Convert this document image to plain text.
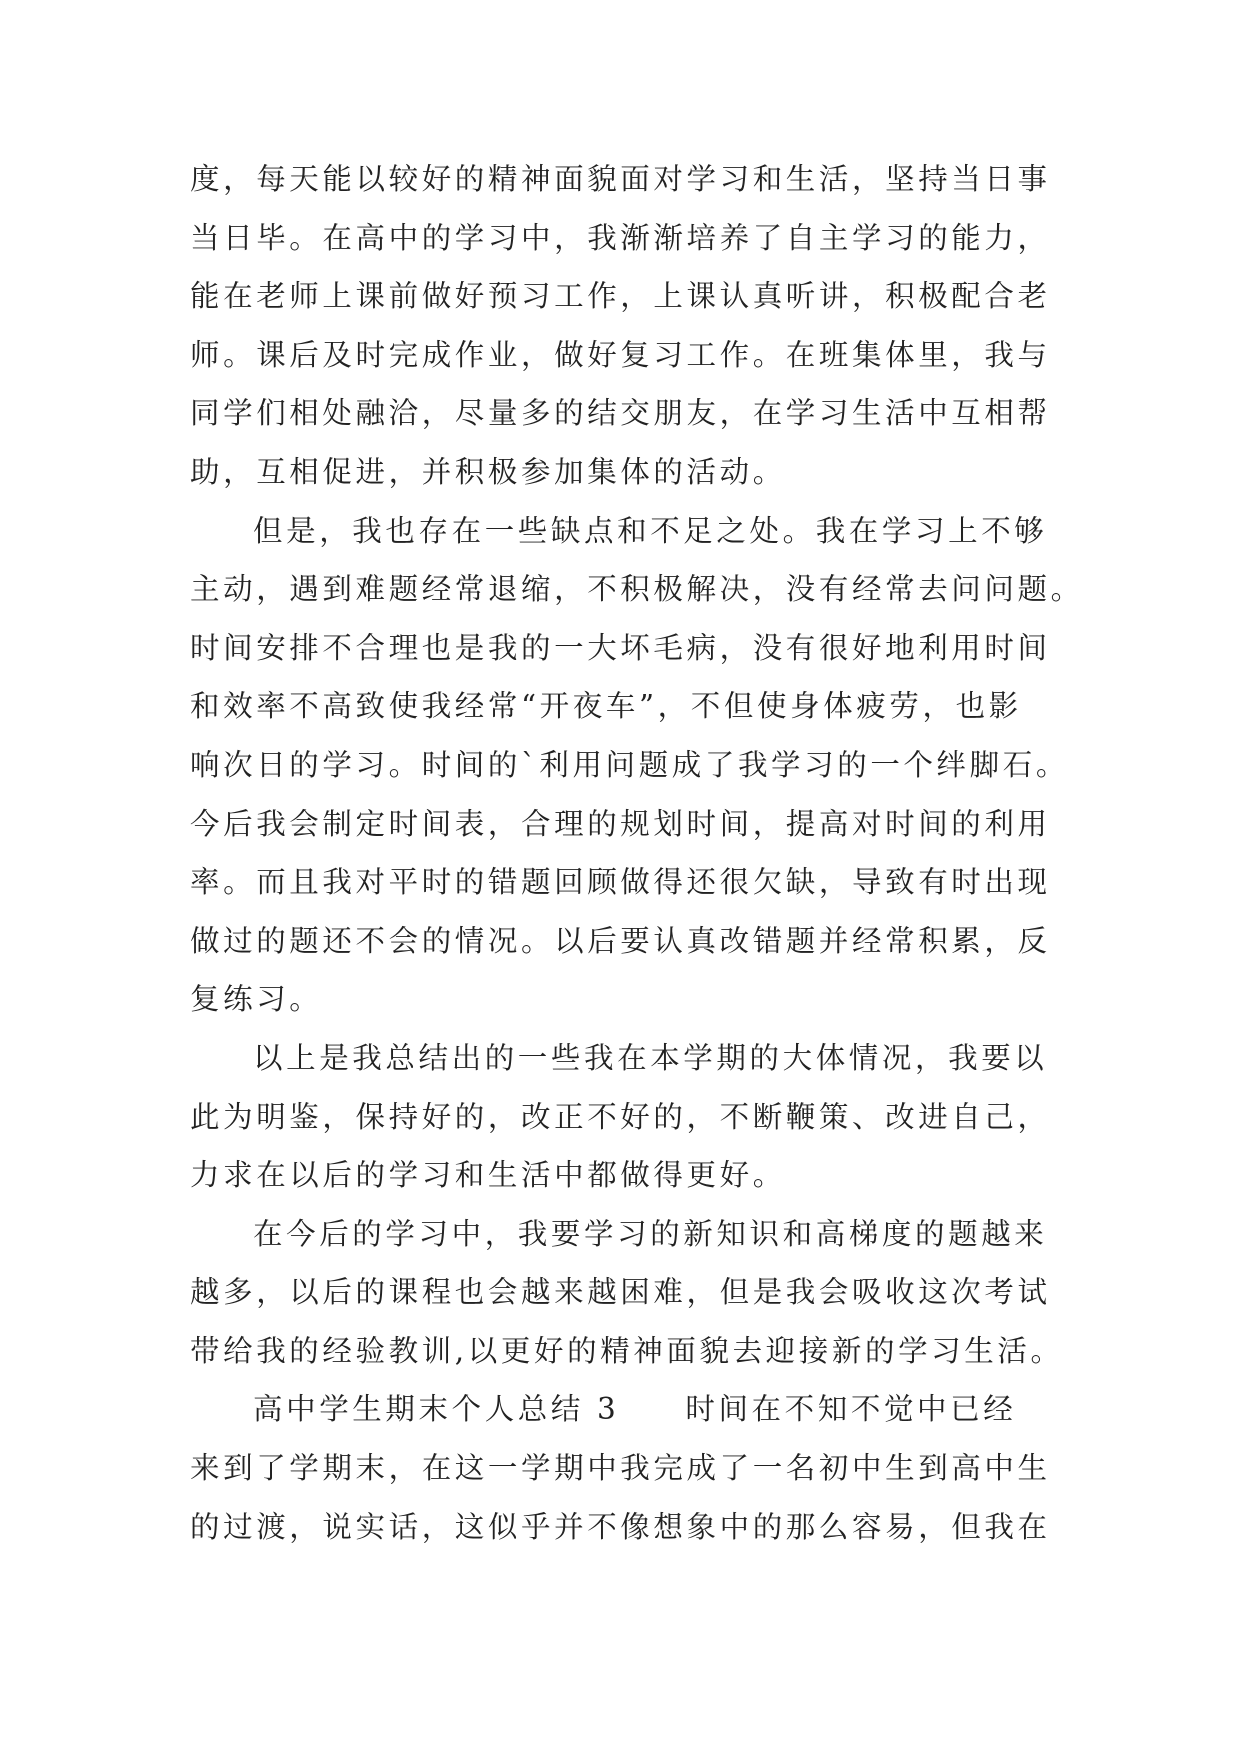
度，每天能以较好的精神面貌面对学习和生活，坚持当日事
当日毕。在高中的学习中，我渐渐培养了自主学习的能力，
能在老师上课前做好预习工作，上课认真听讲，积极配合老
师。课后及时完成作业，做好复习工作。在班集体里，我与
同学们相处融洽，尽量多的结交朋友，在学习生活中互相帮
助，互相促进，并积极参加集体的活动。
但是，我也存在一些缺点和不足之处。我在学习上不够
主动，遇到难题经常退缩，不积极解决，没有经常去问问题。
时间安排不合理也是我的一大坏毛病，没有很好地利用时间
和效率不高致使我经常“开夜车”，不但使身体疲劳，也影
响次日的学习。时间的`利用问题成了我学习的一个绊脚石。
今后我会制定时间表，合理的规划时间，提高对时间的利用
率。而且我对平时的错题回顾做得还很欠缺，导致有时出现
做过的题还不会的情况。以后要认真改错题并经常积累，反
复练习。
以上是我总结出的一些我在本学期的大体情况，我要以
此为明鉴，保持好的，改正不好的，不断鞭策、改进自己，
力求在以后的学习和生活中都做得更好。
在今后的学习中，我要学习的新知识和高梯度的题越来
越多，以后的课程也会越来越困难，但是我会吸收这次考试
带给我的经验教训,以更好的精神面貌去迎接新的学习生活。
高中学生期末个人总结 3 时间在不知不觉中已经
来到了学期末，在这一学期中我完成了一名初中生到高中生
的过渡，说实话，这似乎并不像想象中的那么容易，但我在
